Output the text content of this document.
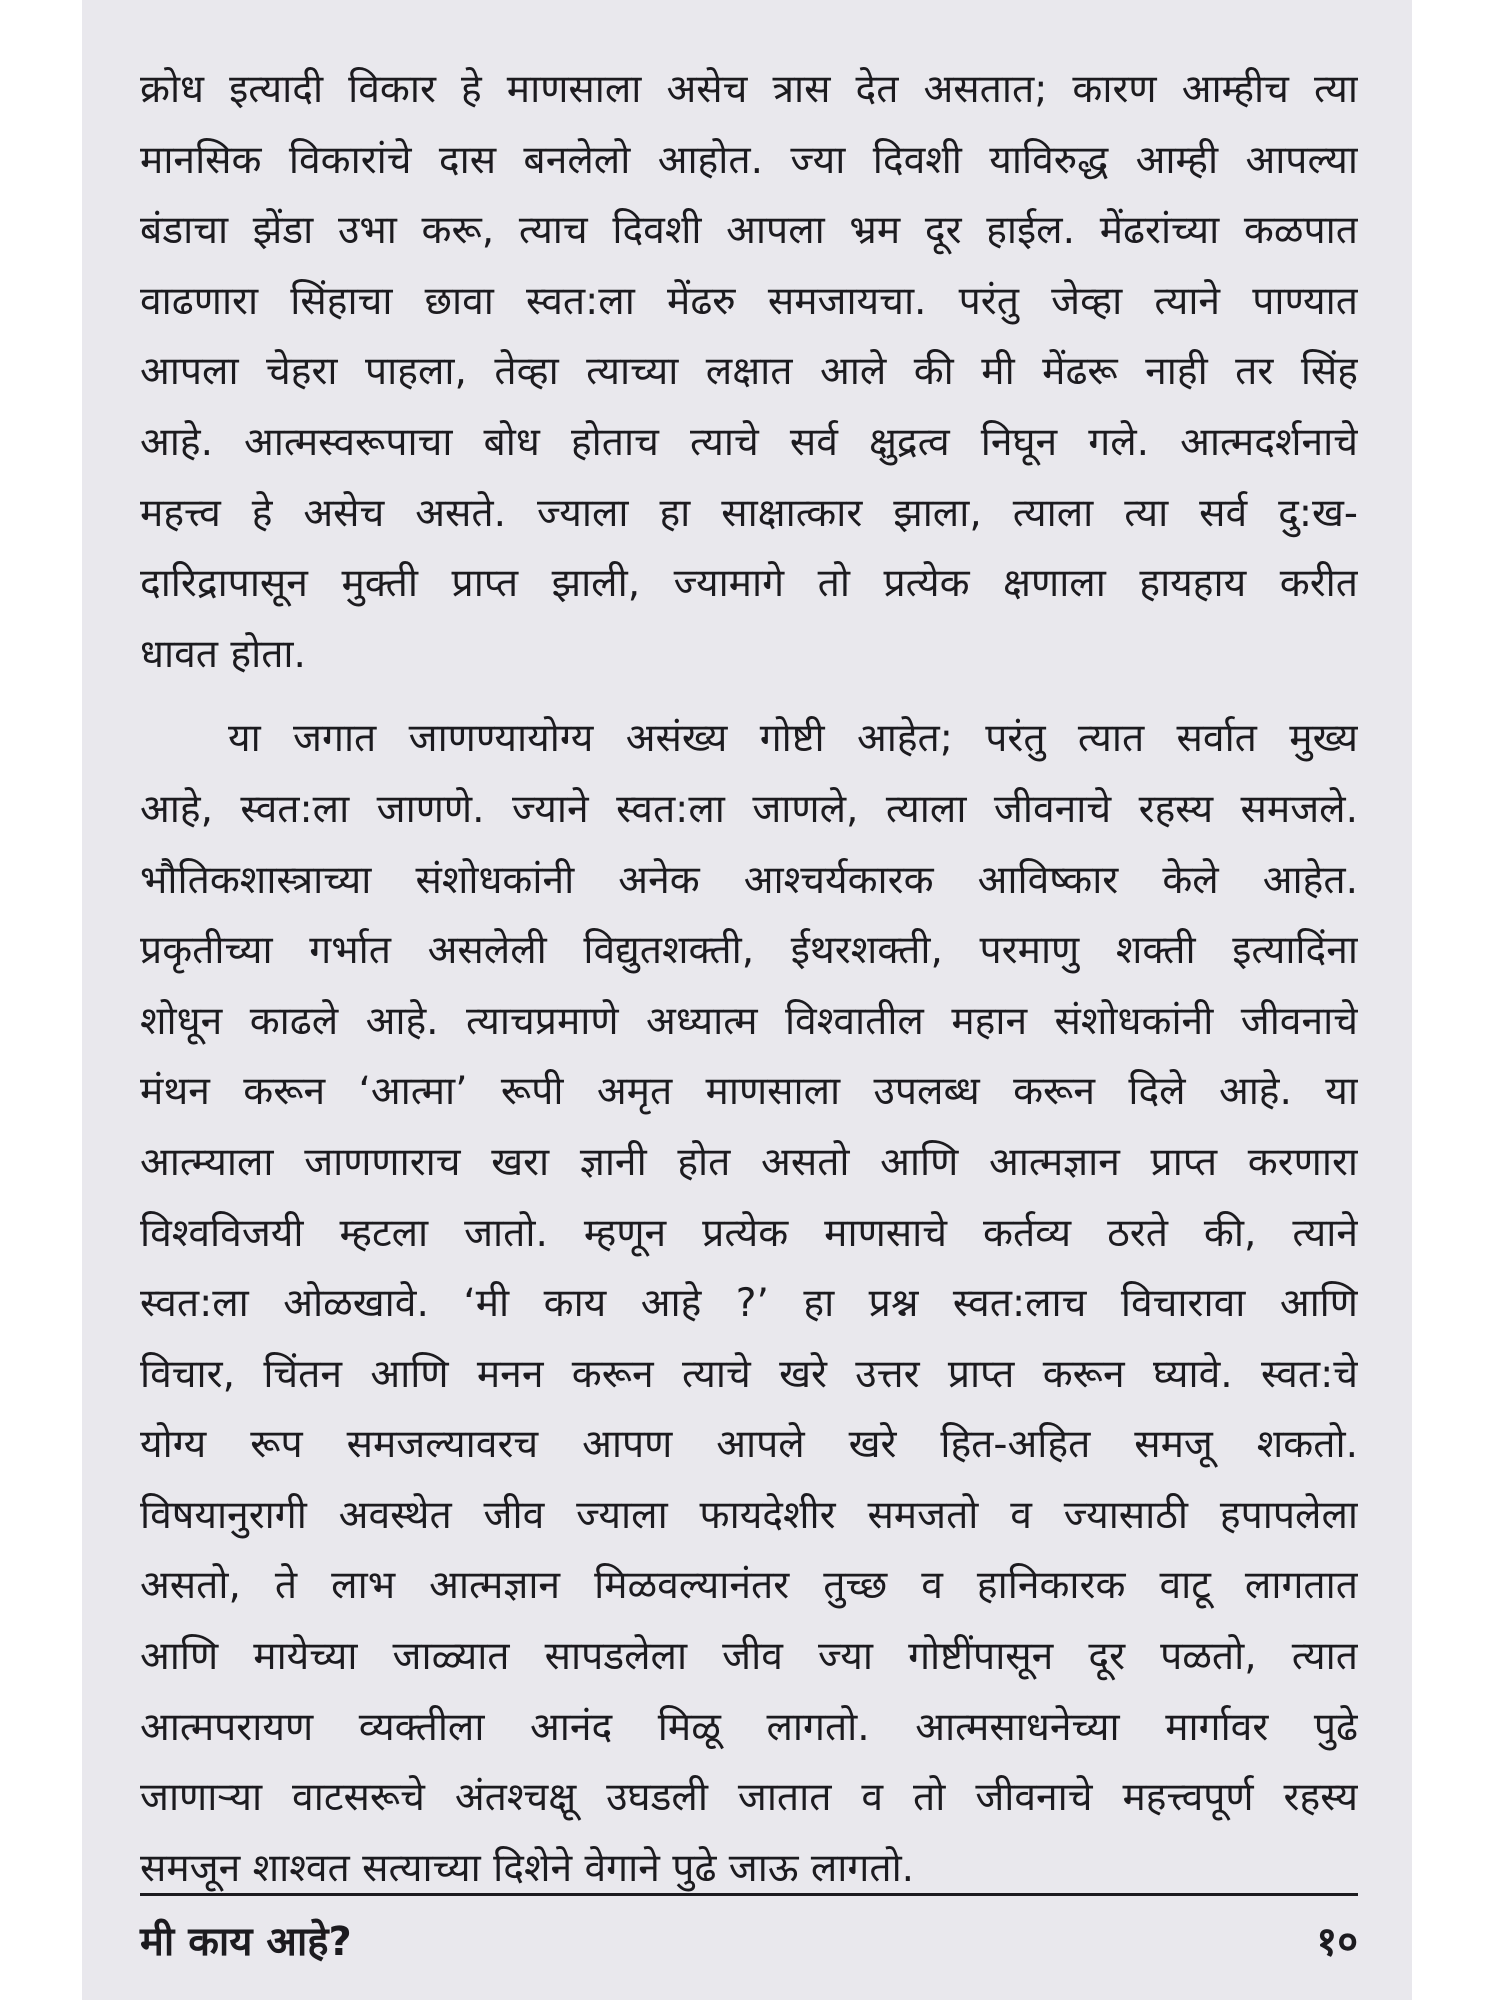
क्रोध इत्यादी विकार हे माणसाला असेच त्रास देत असतात; कारण आम्हीच त्या
मानसिक विकारांचे दास बनलेलो आहोत. ज्या दिवशी याविरुद्ध आम्ही आपल्या
बंडाचा झेंडा उभा करू, त्याच दिवशी आपला भ्रम दूर हाईल. मेंढरांच्या कळपात
वाढणारा सिंहाचा छावा स्वत:ला मेंढरु समजायचा. परंतु जेव्हा त्याने पाण्यात
आपला चेहरा पाहला, तेव्हा त्याच्या लक्षात आले की मी मेंढरू नाही तर सिंह
आहे. आत्मस्वरूपाचा बोध होताच त्याचे सर्व क्षुद्रत्व निघून गले. आत्मदर्शनाचे
महत्त्व हे असेच असते. ज्याला हा साक्षात्कार झाला, त्याला त्या सर्व दु:ख-
दारिद्रापासून मुक्ती प्राप्त झाली, ज्यामागे तो प्रत्येक क्षणाला हायहाय करीत
धावत होता.
या जगात जाणण्यायोग्य असंख्य गोष्टी आहेत; परंतु त्यात सर्वात मुख्य
आहे, स्वत:ला जाणणे. ज्याने स्वत:ला जाणले, त्याला जीवनाचे रहस्य समजले.
भौतिकशास्त्राच्या संशोधकांनी अनेक आश्चर्यकारक आविष्कार केले आहेत.
प्रकृतीच्या गर्भात असलेली विद्युतशक्ती, ईथरशक्ती, परमाणु शक्ती इत्यादिंना
शोधून काढले आहे. त्याचप्रमाणे अध्यात्म विश्वातील महान संशोधकांनी जीवनाचे
मंथन करून ‘आत्मा’ रूपी अमृत माणसाला उपलब्ध करून दिले आहे. या
आत्म्याला जाणणाराच खरा ज्ञानी होत असतो आणि आत्मज्ञान प्राप्त करणारा
विश्वविजयी म्हटला जातो. म्हणून प्रत्येक माणसाचे कर्तव्य ठरते की, त्याने
स्वत:ला ओळखावे. ‘मी काय आहे ?’ हा प्रश्न स्वत:लाच विचारावा आणि
विचार, चिंतन आणि मनन करून त्याचे खरे उत्तर प्राप्त करून घ्यावे. स्वत:चे
योग्य रूप समजल्यावरच आपण आपले खरे हित-अहित समजू शकतो.
विषयानुरागी अवस्थेत जीव ज्याला फायदेशीर समजतो व ज्यासाठी हपापलेला
असतो, ते लाभ आत्मज्ञान मिळवल्यानंतर तुच्छ व हानिकारक वाटू लागतात
आणि मायेच्या जाळ्यात सापडलेला जीव ज्या गोष्टींपासून दूर पळतो, त्यात
आत्मपरायण व्यक्तीला आनंद मिळू लागतो. आत्मसाधनेच्या मार्गावर पुढे
जाणाऱ्या वाटसरूचे अंतश्चक्षू उघडली जातात व तो जीवनाचे महत्त्वपूर्ण रहस्य
समजून शाश्वत सत्याच्या दिशेने वेगाने पुढे जाऊ लागतो.
मी काय आहे?	१०
